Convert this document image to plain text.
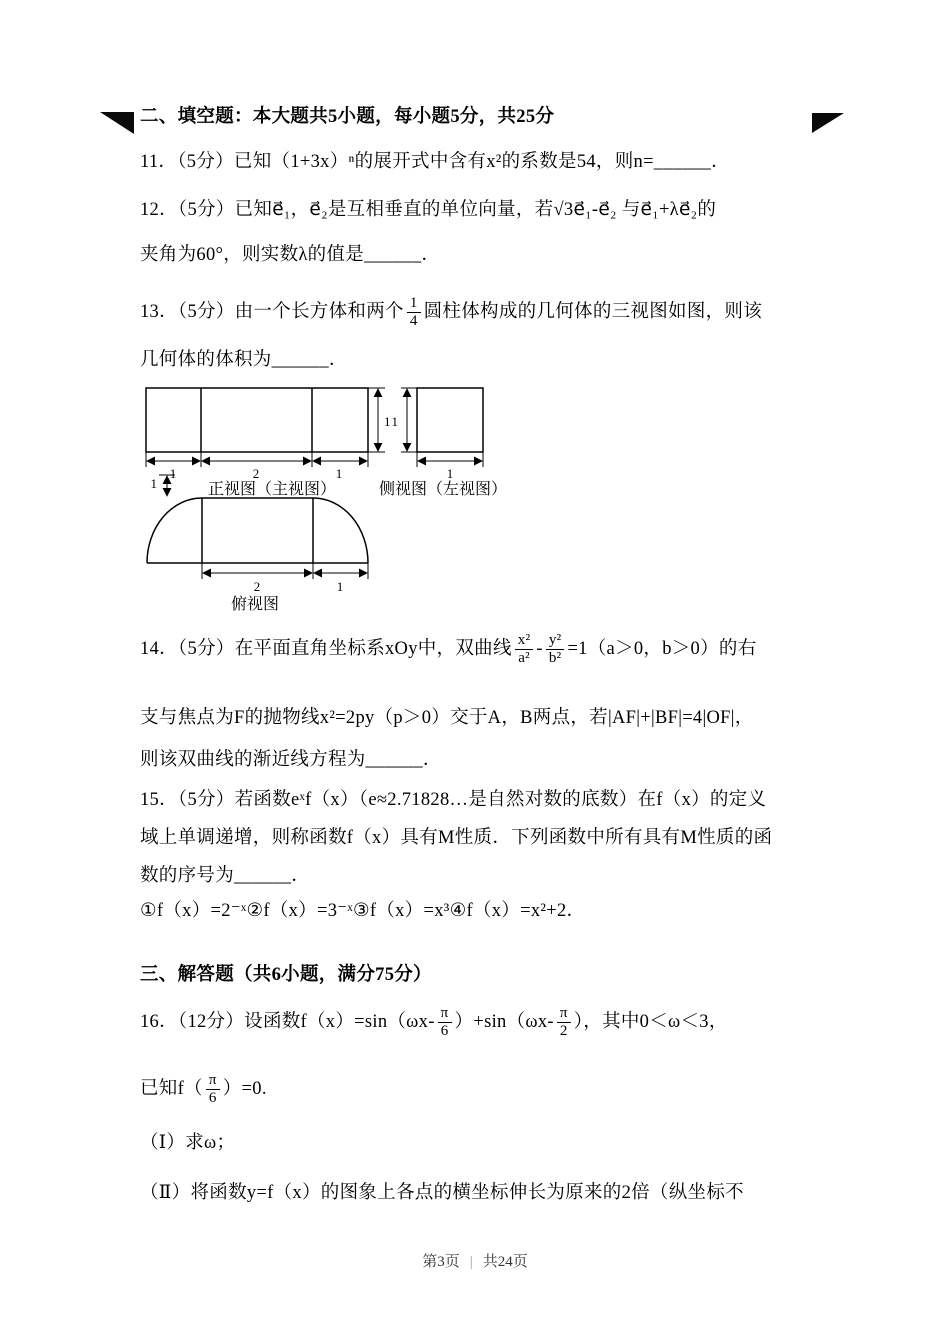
二、填空题：本大题共5小题，每小题5分，共25分
11．（5分）已知（1+3x）ⁿ的展开式中含有x²的系数是54，则n=______．
12．（5分）已知e⃗₁，e⃗₂是互相垂直的单位向量，若√3e⃗₁-e⃗₂ 与e⃗₁+λe⃗₂的
夹角为60°，则实数λ的值是______．
13．（5分）由一个长方体和两个 $\frac{1}{4}$ 圆柱体构成的几何体的三视图如图，则该
几何体的体积为______．
1	2	1
1
正视图（主视图）
1
1
侧视图（左视图）
1
2	1
俯视图
14．（5分）在平面直角坐标系xOy中，双曲线 $\frac{\text{x²}}{\text{a²}} - \frac{\text{y²}}{\text{b²}} =1(a>0$，b＞0）的右
支与焦点为F的抛物线x²=2py（p＞0）交于A，B两点，若|AF|+|BF|=4|OF|，
则该双曲线的渐近线方程为______．
15．（5分）若函数eˣf（x）（e≈2.71828…是自然对数的底数）在f（x）的定义
域上单调递增，则称函数f（x）具有M性质．下列函数中所有具有M性质的函
数的序号为______．
①f（x）=2⁻ˣ②f（x）=3⁻ˣ③f（x）=x³④f（x）=x²+2．
三、解答题（共6小题，满分75分）
16．（12分）设函数$f(x)=\sin(\omega x- \frac{\pi}{6} )+\sin(\omega x- \frac{\pi}{2}$ ），其中0＜ω＜3，
已知$f( \frac{\pi}{6} )=0$.
（Ⅰ）求ω；
（Ⅱ）将函数y=f（x）的图象上各点的横坐标伸长为原来的2倍（纵坐标不
第3页 | 共24页
